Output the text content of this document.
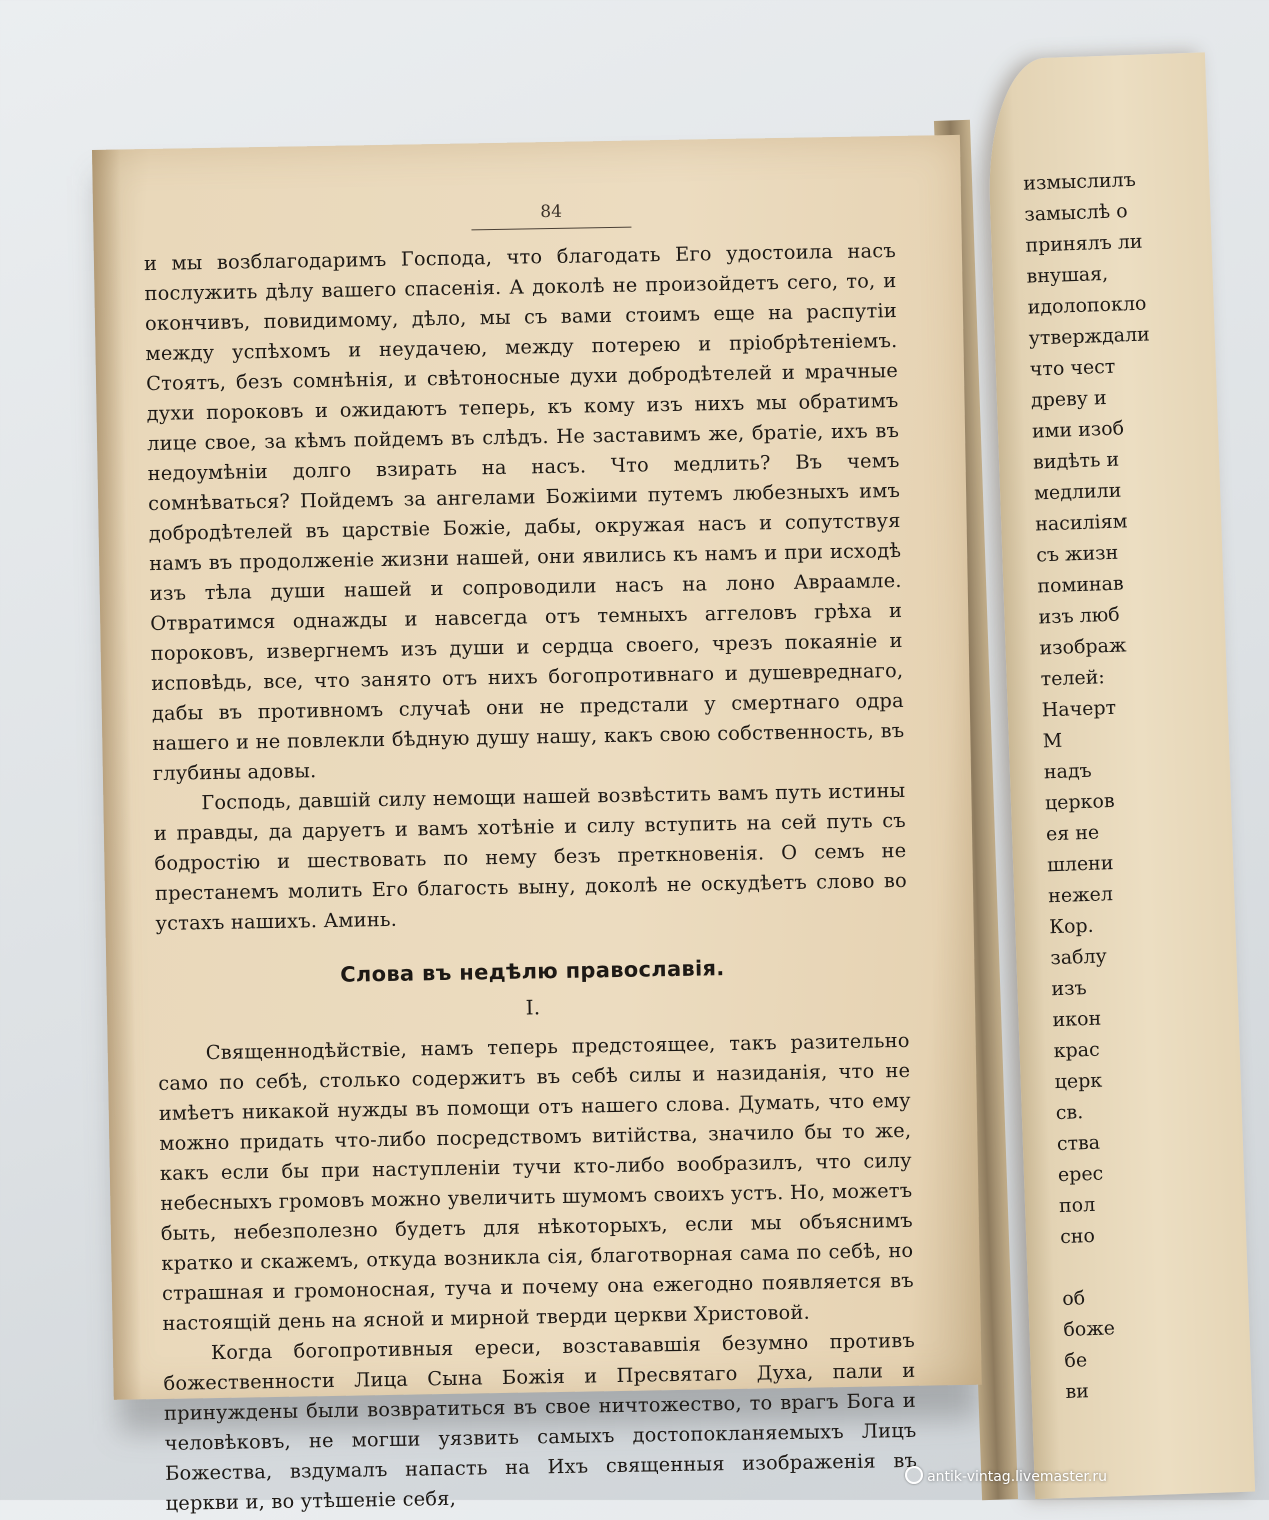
измыслилъ
замыслѣ о
принялъ ли
внушая,
идолопокло
утверждали
что чест
древу и
ими изоб
видѣть и
медлили
насиліям
съ жизн
поминав
изъ люб
изображ
телей:
Начерт
М
надъ
церков
ея не
шлени
нежел
Кор.
заблу
изъ
икон
крас
церк
св.
ства
ерес
пол
сно
об
боже
бе
ви
84

и мы возблагодаримъ Господа, что благодать Его удостоила насъ послужить дѣлу вашего спасенія. А доколѣ не произойдетъ сего, то, и окончивъ, повидимому, дѣло, мы съ вами стоимъ еще на распутіи между успѣхомъ и неудачею, между потерею и пріобрѣтеніемъ. Стоятъ, безъ сомнѣнія, и свѣтоносные духи добродѣтелей и мрачные духи пороковъ и ожидаютъ теперь, къ кому изъ нихъ мы обратимъ лице свое, за кѣмъ пойдемъ въ слѣдъ. Не заставимъ же, братіе, ихъ въ недоумѣніи долго взирать на насъ. Что медлить? Въ чемъ сомнѣваться? Пойдемъ за ангелами Божіими путемъ любезныхъ имъ добродѣтелей въ царствіе Божіе, дабы, окружая насъ и сопутствуя намъ въ продолженіе жизни нашей, они явились къ намъ и при исходѣ изъ тѣла души нашей и сопроводили насъ на лоно Авраамле. Отвратимся однажды и навсегда отъ темныхъ аггеловъ грѣха и пороковъ, извергнемъ изъ души и сердца своего, чрезъ покаяніе и исповѣдь, все, что занято отъ нихъ богопротивнаго и душевреднаго, дабы въ противномъ случаѣ они не предстали у смертнаго одра нашего и не повлекли бѣдную душу нашу, какъ свою собственность, въ глубины адовы.

Господь, давшій силу немощи нашей возвѣстить вамъ путь истины и правды, да даруетъ и вамъ хотѣніе и силу вступить на сей путь съ бодростію и шествовать по нему безъ преткновенія. О семъ не престанемъ молить Его благость выну, доколѣ не оскудѣетъ слово во устахъ нашихъ. Аминь.

Слова въ недѣлю православія.
I.

Священнодѣйствіе, намъ теперь предстоящее, такъ разительно само по себѣ, столько содержитъ въ себѣ силы и назиданія, что не имѣетъ никакой нужды въ помощи отъ нашего слова. Думать, что ему можно придать что-либо посредствомъ витійства, значило бы то же, какъ если бы при наступленіи тучи кто-либо вообразилъ, что силу небесныхъ громовъ можно увеличить шумомъ своихъ устъ. Но, можетъ быть, небезполезно будетъ для нѣкоторыхъ, если мы объяснимъ кратко и скажемъ, откуда возникла сія, благотворная сама по себѣ, но страшная и громоносная, туча и почему она ежегодно появляется въ настоящій день на ясной и мирной тверди церкви Христовой.

Когда богопротивныя ереси, возстававшія безумно противъ божественности Лица Сына Божія и Пресвятаго Духа, пали и принуждены были возвратиться въ свое ничтожество, то врагъ Бога и человѣковъ, не могши уязвить самыхъ достопокланяемыхъ Лицъ Божества, вздумалъ напасть на Ихъ священныя изображенія въ церкви и, во утѣшеніе себя,

antik-vintag.livemaster.ru
